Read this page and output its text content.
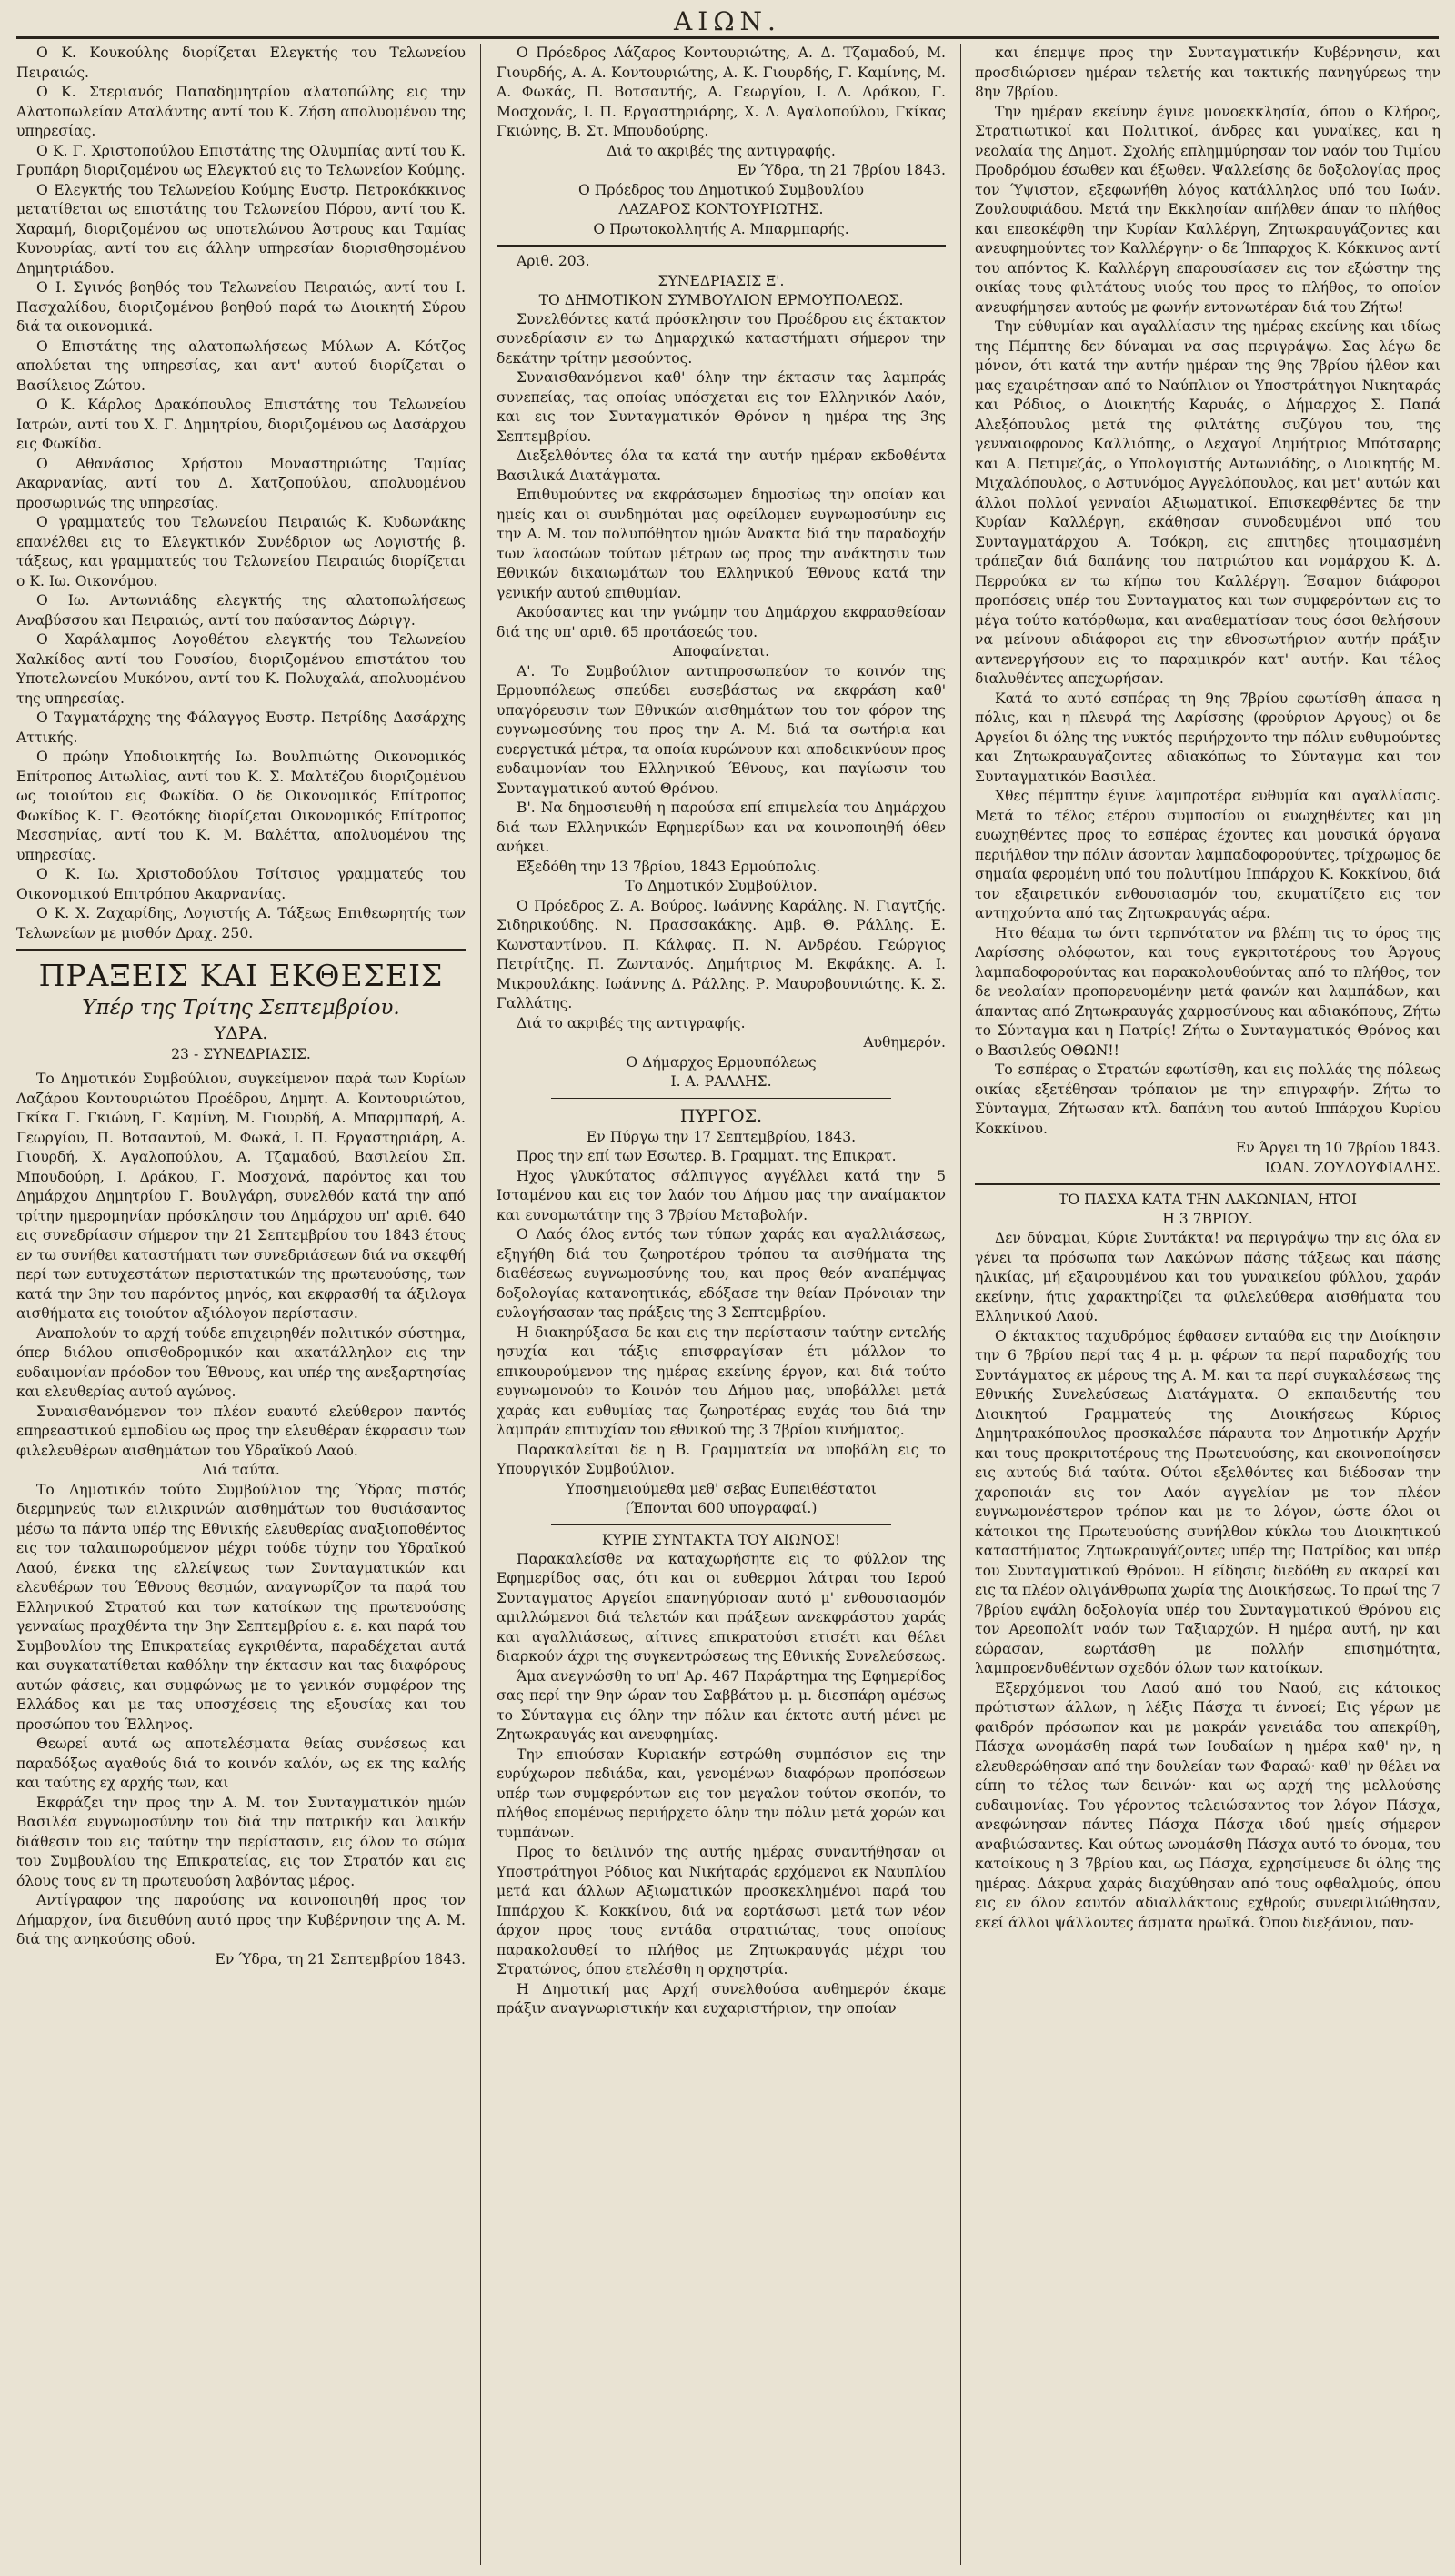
ΑΙΩΝ.

Ο Κ. Κουκούλης διορίζεται Ελεγκτής του Τελωνείου Πειραιώς.

Ο Κ. Στεριανός Παπαδημητρίου αλατοπώλης εις την Αλατοπωλείαν Αταλάντης αντί του Κ. Ζήση απολυομένου της υπηρεσίας.

Ο Κ. Γ. Χριστοπούλου Επιστάτης της Ολυμπίας αντί του Κ. Γρυπάρη διοριζομένου ως Ελεγκτού εις το Τελωνείον Κούμης.

Ο Ελεγκτής του Τελωνείου Κούμης Ευστρ. Πετροκόκκινος μετατίθεται ως επιστάτης του Τελωνείου Πόρου, αντί του Κ. Χαραμή, διοριζομένου ως υποτελώνου Άστρους και Ταμίας Κυνουρίας, αντί του εις άλλην υπηρεσίαν διορισθησομένου Δημητριάδου.

Ο Ι. Σγινός βοηθός του Τελωνείου Πειραιώς, αντί του Ι. Πασχαλίδου, διοριζομένου βοηθού παρά τω Διοικητή Σύρου διά τα οικονομικά.

Ο Επιστάτης της αλατοπωλήσεως Μύλων Α. Κότζος απολύεται της υπηρεσίας, και αντ' αυτού διορίζεται ο Βασίλειος Ζώτου.

Ο Κ. Κάρλος Δρακόπουλος Επιστάτης του Τελωνείου Ιατρών, αντί του Χ. Γ. Δημητρίου, διοριζομένου ως Δασάρχου εις Φωκίδα.

Ο Αθανάσιος Χρήστου Μοναστηριώτης Ταμίας Ακαρνανίας, αντί του Δ. Χατζοπούλου, απολυομένου προσωρινώς της υπηρεσίας.

Ο γραμματεύς του Τελωνείου Πειραιώς Κ. Κυδωνάκης επανέλθει εις το Ελεγκτικόν Συνέδριον ως Λογιστής β. τάξεως, και γραμματεύς του Τελωνείου Πειραιώς διορίζεται ο Κ. Ιω. Οικονόμου.

Ο Ιω. Αντωνιάδης ελεγκτής της αλατοπωλήσεως Αναβύσσου και Πειραιώς, αντί του παύσαντος Δώριγγ.

Ο Χαράλαμπος Λογοθέτου ελεγκτής του Τελωνείου Χαλκίδος αντί του Γουσίου, διοριζομένου επιστάτου του Υποτελωνείου Μυκόνου, αντί του Κ. Πολυχαλά, απολυομένου της υπηρεσίας.

Ο Ταγματάρχης της Φάλαγγος Ευστρ. Πετρίδης Δασάρχης Αττικής.

Ο πρώην Υποδιοικητής Ιω. Βουλπιώτης Οικονομικός Επίτροπος Αιτωλίας, αντί του Κ. Σ. Μαλτέζου διοριζομένου ως τοιούτου εις Φωκίδα. Ο δε Οικονομικός Επίτροπος Φωκίδος Κ. Γ. Θεοτόκης διορίζεται Οικονομικός Επίτροπος Μεσσηνίας, αντί του Κ. Μ. Βαλέττα, απολυομένου της υπηρεσίας.

Ο Κ. Ιω. Χριστοδούλου Τσίτσιος γραμματεύς του Οικονομικού Επιτρόπου Ακαρνανίας.

Ο Κ. Χ. Ζαχαρίδης, Λογιστής Α. Τάξεως Επιθεωρητής των Τελωνείων με μισθόν Δραχ. 250.

ΠΡΑΞΕΙΣ ΚΑΙ ΕΚΘΕΣΕΙΣ

Υπέρ της Τρίτης Σεπτεμβρίου.

ΥΔΡΑ.

23 - ΣΥΝΕΔΡΙΑΣΙΣ.

Το Δημοτικόν Συμβούλιον, συγκείμενον παρά των Κυρίων Λαζάρου Κοντουριώτου Προέδρου, Δημητ. Α. Κοντουριώτου, Γκίκα Γ. Γκιώνη, Γ. Καμίνη, Μ. Γιουρδή, Α. Μπαρμπαρή, Α. Γεωργίου, Π. Βοτσαντού, Μ. Φωκά, Ι. Π. Εργαστηριάρη, Α. Γιουρδή, Χ. Αγαλοπούλου, Α. Τζαμαδού, Βασιλείου Σπ. Μπουδούρη, Ι. Δράκου, Γ. Μοσχονά, παρόντος και του Δημάρχου Δημητρίου Γ. Βουλγάρη, συνελθόν κατά την από τρίτην ημερομηνίαν πρόσκλησιν του Δημάρχου υπ' αριθ. 640 εις συνεδρίασιν σήμερον την 21 Σεπτεμβρίου του 1843 έτους εν τω συνήθει καταστήματι των συνεδριάσεων διά να σκεφθή περί των ευτυχεστάτων περιστατικών της πρωτευούσης, των κατά την 3ην του παρόντος μηνός, και εκφρασθή τα άξιλογα αισθήματα εις τοιούτον αξιόλογον περίστασιν.

Αναπολούν το αρχή τούδε επιχειρηθέν πολιτικόν σύστημα, όπερ διόλου οπισθοδρομικόν και ακατάλληλον εις την ευδαιμονίαν πρόοδον του Έθνους, και υπέρ της ανεξαρτησίας και ελευθερίας αυτού αγώνος.

Συναισθανόμενον τον πλέον ευαυτό ελεύθερον παντός επηρεαστικού εμποδίου ως προς την ελευθέραν έκφρασιν των φιλελευθέρων αισθημάτων του Υδραϊκού Λαού.

Διά ταύτα.

Το Δημοτικόν τούτο Συμβούλιον της Ύδρας πιστός διερμηνεύς των ειλικρινών αισθημάτων του θυσιάσαντος μέσω τα πάντα υπέρ της Εθνικής ελευθερίας αναξιοποθέντος εις τον ταλαιπωρούμενον μέχρι τούδε τύχην του Υδραϊκού Λαού, ένεκα της ελλείψεως των Συνταγματικών και ελευθέρων του Έθνους θεσμών, αναγνωρίζον τα παρά του Ελληνικού Στρατού και των κατοίκων της πρωτευούσης γενναίως πραχθέντα την 3ην Σεπτεμβρίου ε. ε. και παρά του Συμβουλίου της Επικρατείας εγκριθέντα, παραδέχεται αυτά και συγκατατίθεται καθόλην την έκτασιν και τας διαφόρους αυτών φάσεις, και συμφώνως με το γενικόν συμφέρον της Ελλάδος και με τας υποσχέσεις της εξουσίας και του προσώπου του Έλληνος.

Θεωρεί αυτά ως αποτελέσματα θείας συνέσεως και παραδόξως αγαθούς διά το κοινόν καλόν, ως εκ της καλής και ταύτης εχ αρχής των, και

Εκφράζει την προς την Α. Μ. τον Συνταγματικόν ημών Βασιλέα ευγνωμοσύνην του διά την πατρικήν και λαικήν διάθεσιν του εις ταύτην την περίστασιν, εις όλον το σώμα του Συμβουλίου της Επικρατείας, εις τον Στρατόν και εις όλους τους εν τη πρωτευούση λαβόντας μέρος.

Αντίγραφον της παρούσης να κοινοποιηθή προς τον Δήμαρχον, ίνα διευθύνη αυτό προς την Κυβέρνησιν της Α. Μ. διά της ανηκούσης οδού.

Εν Ύδρα, τη 21 Σεπτεμβρίου 1843.

Ο Πρόεδρος Λάζαρος Κοντουριώτης, Α. Δ. Τζαμαδού, Μ. Γιουρδής, Α. Α. Κοντουριώτης, Α. Κ. Γιουρδής, Γ. Καμίνης, Μ. Α. Φωκάς, Π. Βοτσαντής, Α. Γεωργίου, Ι. Δ. Δράκου, Γ. Μοσχονάς, Ι. Π. Εργαστηριάρης, Χ. Δ. Αγαλοπούλου, Γκίκας Γκιώνης, Β. Στ. Μπουδούρης.

Διά το ακριβές της αντιγραφής.

Εν Ύδρα, τη 21 7βρίου 1843.

Ο Πρόεδρος του Δημοτικού Συμβουλίου

ΛΑΖΑΡΟΣ ΚΟΝΤΟΥΡΙΩΤΗΣ.

Ο Πρωτοκολλητής Α. Μπαρμπαρής.

Αριθ. 203.

ΣΥΝΕΔΡΙΑΣΙΣ Ξ'.

ΤΟ ΔΗΜΟΤΙΚΟΝ ΣΥΜΒΟΥΛΙΟΝ ΕΡΜΟΥΠΟΛΕΩΣ.

Συνελθόντες κατά πρόσκλησιν του Προέδρου εις έκτακτον συνεδρίασιν εν τω Δημαρχικώ καταστήματι σήμερον την δεκάτην τρίτην μεσούντος.

Συναισθανόμενοι καθ' όλην την έκτασιν τας λαμπράς συνεπείας, τας οποίας υπόσχεται εις τον Ελληνικόν Λαόν, και εις τον Συνταγματικόν Θρόνον η ημέρα της 3ης Σεπτεμβρίου.

Διεξελθόντες όλα τα κατά την αυτήν ημέραν εκδοθέντα Βασιλικά Διατάγματα.

Επιθυμούντες να εκφράσωμεν δημοσίως την οποίαν και ημείς και οι συνδημόται μας οφείλομεν ευγνωμοσύνην εις την Α. Μ. τον πολυπόθητον ημών Άνακτα διά την παραδοχήν των λαοσώων τούτων μέτρων ως προς την ανάκτησιν των Εθνικών δικαιωμάτων του Ελληνικού Έθνους κατά την γενικήν αυτού επιθυμίαν.

Ακούσαντες και την γνώμην του Δημάρχου εκφρασθείσαν διά της υπ' αριθ. 65 προτάσεώς του.

Αποφαίνεται.

Α'. Το Συμβούλιον αντιπροσωπεύον το κοινόν της Ερμουπόλεως σπεύδει ευσεβάστως να εκφράση καθ' υπαγόρευσιν των Εθνικών αισθημάτων του τον φόρον της ευγνωμοσύνης του προς την Α. Μ. διά τα σωτήρια και ευεργετικά μέτρα, τα οποία κυρώνουν και αποδεικνύουν προς ευδαιμονίαν του Ελληνικού Έθνους, και παγίωσιν του Συνταγματικού αυτού Θρόνου.

Β'. Να δημοσιευθή η παρούσα επί επιμελεία του Δημάρχου διά των Ελληνικών Εφημερίδων και να κοινοποιηθή όθεν ανήκει.

Εξεδόθη την 13 7βρίου, 1843 Ερμούπολις.

Το Δημοτικόν Συμβούλιον.

Ο Πρόεδρος Ζ. Α. Βούρος. Ιωάννης Καράλης. Ν. Γιαγτζής. Σιδηρικούδης. Ν. Πρασσακάκης. Αμβ. Θ. Ράλλης. Ε. Κωνσταντίνου. Π. Κάλφας. Π. Ν. Ανδρέου. Γεώργιος Πετρίτζης. Π. Ζωντανός. Δημήτριος Μ. Εκφάκης. Α. Ι. Μικρουλάκης. Ιωάννης Δ. Ράλλης. Ρ. Μαυροβουνιώτης. Κ. Σ. Γαλλάτης.

Διά το ακριβές της αντιγραφής.

Αυθημερόν.

Ο Δήμαρχος Ερμουπόλεως

Ι. Α. ΡΑΛΛΗΣ.

ΠΥΡΓΟΣ.

Εν Πύργω την 17 Σεπτεμβρίου, 1843.

Προς την επί των Εσωτερ. Β. Γραμματ. της Επικρατ.

Ηχος γλυκύτατος σάλπιγγος αγγέλλει κατά την 5 Ισταμένου και εις τον λαόν του Δήμου μας την αναίμακτον και ευνομωτάτην της 3 7βρίου Μεταβολήν.

Ο Λαός όλος εντός των τύπων χαράς και αγαλλιάσεως, εξηγήθη διά του ζωηροτέρου τρόπου τα αισθήματα της διαθέσεως ευγνωμοσύνης του, και προς θεόν αναπέμψας δοξολογίας κατανοητικάς, εδόξασε την θείαν Πρόνοιαν την ευλογήσασαν τας πράξεις της 3 Σεπτεμβρίου.

Η διακηρύξασα δε και εις την περίστασιν ταύτην εντελής ησυχία και τάξις επισφραγίσαν έτι μάλλον το επικουρούμενον της ημέρας εκείνης έργον, και διά τούτο ευγνωμονούν το Κοινόν του Δήμου μας, υποβάλλει μετά χαράς και ευθυμίας τας ζωηροτέρας ευχάς του διά την λαμπράν επιτυχίαν του εθνικού της 3 7βρίου κινήματος.

Παρακαλείται δε η Β. Γραμματεία να υποβάλη εις το Υπουργικόν Συμβούλιον.

Υποσημειούμεθα μεθ' σεβας Ευπειθέστατοι

(Έπονται 600 υπογραφαί.)

ΚΥΡΙΕ ΣΥΝΤΑΚΤΑ ΤΟΥ ΑΙΩΝΟΣ!

Παρακαλείσθε να καταχωρήσητε εις το φύλλον της Εφημερίδος σας, ότι και οι ευθερμοι λάτραι του Ιερού Συνταγματος Αργείοι επανηγύρισαν αυτό μ' ενθουσιασμόν αμιλλώμενοι διά τελετών και πράξεων ανεκφράστου χαράς και αγαλλιάσεως, αίτινες επικρατούσι ετισέτι και θέλει διαρκούν άχρι της συγκεντρώσεως της Εθνικής Συνελεύσεως.

Άμα ανεγνώσθη το υπ' Αρ. 467 Παράρτημα της Εφημερίδος σας περί την 9ην ώραν του Σαββάτου μ. μ. διεσπάρη αμέσως το Σύνταγμα εις όλην την πόλιν και έκτοτε αυτή μένει με Ζητωκραυγάς και ανευφημίας.

Την επιούσαν Κυριακήν εστρώθη συμπόσιον εις την ευρύχωρον πεδιάδα, και, γενομένων διαφόρων προπόσεων υπέρ των συμφερόντων εις τον μεγαλον τούτον σκοπόν, το πλήθος επομένως περιήρχετο όλην την πόλιν μετά χορών και τυμπάνων.

Προς το δειλινόν της αυτής ημέρας συναντήθησαν οι Υποστράτηγοι Ρόδιος και Νικήταράς ερχόμενοι εκ Ναυπλίου μετά και άλλων Αξιωματικών προσκεκλημένοι παρά του Ιππάρχου Κ. Κοκκίνου, διά να εορτάσωσι μετά των νέον άρχον προς τους εντάδα στρατιώτας, τους οποίους παρακολουθεί το πλήθος με Ζητωκραυγάς μέχρι του Στρατώνος, όπου ετελέσθη η ορχηστρία.

Η Δημοτική μας Αρχή συνελθούσα αυθημερόν έκαμε πράξιν αναγνωριστικήν και ευχαριστήριον, την οποίαν

και έπεμψε προς την Συνταγματικήν Κυβέρνησιν, και προσδιώρισεν ημέραν τελετής και τακτικής πανηγύρεως την 8ην 7βρίου.

Την ημέραν εκείνην έγινε μονοεκκλησία, όπου ο Κλήρος, Στρατιωτικοί και Πολιτικοί, άνδρες και γυναίκες, και η νεολαία της Δημοτ. Σχολής επλημμύρησαν τον ναόν του Τιμίου Προδρόμου έσωθεν και έξωθεν. Ψαλλείσης δε δοξολογίας προς τον Ύψιστον, εξεφωνήθη λόγος κατάλληλος υπό του Ιωάν. Ζουλουφιάδου. Μετά την Εκκλησίαν απήλθεν άπαν το πλήθος και επεσκέφθη την Κυρίαν Καλλέργη, Ζητωκραυγάζοντες και ανευφημούντες τον Καλλέργην· ο δε Ίππαρχος Κ. Κόκκινος αντί του απόντος Κ. Καλλέργη επαρουσίασεν εις τον εξώστην της οικίας τους φιλτάτους υιούς του προς το πλήθος, το οποίον ανευφήμησεν αυτούς με φωνήν εντονωτέραν διά του Ζήτω!

Την εύθυμίαν και αγαλλίασιν της ημέρας εκείνης και ιδίως της Πέμπτης δεν δύναμαι να σας περιγράψω. Σας λέγω δε μόνον, ότι κατά την αυτήν ημέραν της 9ης 7βρίου ήλθον και μας εχαιρέτησαν από το Ναύπλιον οι Υποστράτηγοι Νικηταράς και Ρόδιος, ο Διοικητής Καρυάς, ο Δήμαρχος Σ. Παπά Αλεξόπουλος μετά της φιλτάτης συζύγου του, της γενναιοφρονος Καλλιόπης, ο Δεχαγοί Δημήτριος Μπότσαρης και Α. Πετιμεζάς, ο Υπολογιστής Αντωνιάδης, ο Διοικητής Μ. Μιχαλόπουλος, ο Αστυνόμος Αγγελόπουλος, και μετ' αυτών και άλλοι πολλοί γενναίοι Αξιωματικοί. Επισκεφθέντες δε την Κυρίαν Καλλέργη, εκάθησαν συνοδευμένοι υπό του Συνταγματάρχου Α. Τσόκρη, εις επιτηδες ητοιμασμένη τράπεζαν διά δαπάνης του πατριώτου και νομάρχου Κ. Δ. Περρούκα εν τω κήπω του Καλλέργη. Έσαμον διάφοροι προπόσεις υπέρ του Συνταγματος και των συμφερόντων εις το μέγα τούτο κατόρθωμα, και αναθεματίσαν τους όσοι θελήσουν να μείνουν αδιάφοροι εις την εθνοσωτήριον αυτήν πράξιν αντενεργήσουν εις το παραμικρόν κατ' αυτήν. Και τέλος διαλυθέντες απεχωρήσαν.

Κατά το αυτό εσπέρας τη 9ης 7βρίου εφωτίσθη άπασα η πόλις, και η πλευρά της Λαρίσσης (φρούριον Αργους) οι δε Αργείοι δι όλης της νυκτός περιήρχοντο την πόλιν ευθυμούντες και Ζητωκραυγάζοντες αδιακόπως το Σύνταγμα και τον Συνταγματικόν Βασιλέα.

Χθες πέμπτην έγινε λαμπροτέρα ευθυμία και αγαλλίασις. Μετά το τέλος ετέρου συμποσίου οι ευωχηθέντες και μη ευωχηθέντες προς το εσπέρας έχοντες και μουσικά όργανα περιήλθον την πόλιν άσονταν λαμπαδοφορούντες, τρίχρωμος δε σημαία φερομένη υπό του πολυτίμου Ιππάρχου Κ. Κοκκίνου, διά τον εξαιρετικόν ενθουσιασμόν του, εκυματίζετο εις τον αντηχούντα από τας Ζητωκραυγάς αέρα.

Ητο θέαμα τω όντι τερπνότατον να βλέπη τις το όρος της Λαρίσσης ολόφωτον, και τους εγκριτοτέρους του Άργους λαμπαδοφορούντας και παρακολουθούντας από το πλήθος, τον δε νεολαίαν προπορευομένην μετά φανών και λαμπάδων, και άπαντας από Ζητωκραυγάς χαρμοσύνους και αδιακόπους, Ζήτω το Σύνταγμα και η Πατρίς! Ζήτω ο Συνταγματικός Θρόνος και ο Βασιλεύς ΟΘΩΝ!!

Το εσπέρας ο Στρατών εφωτίσθη, και εις πολλάς της πόλεως οικίας εξετέθησαν τρόπαιον με την επιγραφήν. Ζήτω το Σύνταγμα, Ζήτωσαν κτλ. δαπάνη του αυτού Ιππάρχου Κυρίου Κοκκίνου.

Εν Άργει τη 10 7βρίου 1843.

ΙΩΑΝ. ΖΟΥΛΟΥΦΙΑΔΗΣ.

ΤΟ ΠΑΣΧΑ ΚΑΤΑ ΤΗΝ ΛΑΚΩΝΙΑΝ, ΗΤΟΙ

Η 3 7ΒΡΙΟΥ.

Δεν δύναμαι, Κύριε Συντάκτα! να περιγράψω την εις όλα εν γένει τα πρόσωπα των Λακώνων πάσης τάξεως και πάσης ηλικίας, μή εξαιρουμένου και του γυναικείου φύλλου, χαράν εκείνην, ήτις χαρακτηρίζει τα φιλελεύθερα αισθήματα του Ελληνικού Λαού.

Ο έκτακτος ταχυδρόμος έφθασεν ενταύθα εις την Διοίκησιν την 6 7βρίου περί τας 4 μ. μ. φέρων τα περί παραδοχής του Συντάγματος εκ μέρους της Α. Μ. και τα περί συγκαλέσεως της Εθνικής Συνελεύσεως Διατάγματα. Ο εκπαιδευτής του Διοικητού Γραμματεύς της Διοικήσεως Κύριος Δημητρακόπουλος προσκαλέσε πάραυτα τον Δημοτικήν Αρχήν και τους προκριτοτέρους της Πρωτευούσης, και εκοινοποίησεν εις αυτούς διά ταύτα. Ούτοι εξελθόντες και διέδοσαν την χαροποιάν εις τον Λαόν αγγελίαν με τον πλέον ευγνωμονέστερον τρόπον και με το λόγον, ώστε όλοι οι κάτοικοι της Πρωτευούσης συνήλθον κύκλω του Διοικητικού καταστήματος Ζητωκραυγάζοντες υπέρ της Πατρίδος και υπέρ του Συνταγματικού Θρόνου. Η είδησις διεδόθη εν ακαρεί και εις τα πλέον ολιγάνθρωπα χωρία της Διοικήσεως. Το πρωί της 7 7βρίου εψάλη δοξολογία υπέρ του Συνταγματικού Θρόνου εις τον Αρεοπολίτ ναόν των Ταξιαρχών. Η ημέρα αυτή, ην και εώρασαν, εωρτάσθη με πολλήν επισημότητα, λαμπροενδυθέντων σχεδόν όλων των κατοίκων.

Εξερχόμενοι του Λαού από του Ναού, εις κάτοικος πρώτιστων άλλων, η λέξις Πάσχα τι έννοεί; Εις γέρων με φαιδρόν πρόσωπον και με μακράν γενειάδα του απεκρίθη, Πάσχα ωνομάσθη παρά των Ιουδαίων η ημέρα καθ' ην, η ελευθερώθησαν από την δουλείαν των Φαραώ· καθ' ην θέλει να είπη το τέλος των δεινών· και ως αρχή της μελλούσης ευδαιμονίας. Του γέροντος τελειώσαντος τον λόγον Πάσχα, ανεφώνησαν πάντες Πάσχα Πάσχα ιδού ημείς σήμερον αναβιώσαντες. Και ούτως ωνομάσθη Πάσχα αυτό το όνομα, του κατοίκους η 3 7βρίου και, ως Πάσχα, εχρησίμευσε δι όλης της ημέρας. Δάκρυα χαράς διαχύθησαν από τους οφθαλμούς, όπου εις εν όλον εαυτόν αδιαλλάκτους εχθρούς συνεφιλιώθησαν, εκεί άλλοι ψάλλοντες άσματα ηρωϊκά. Όπου διεξάνιον, παν-
